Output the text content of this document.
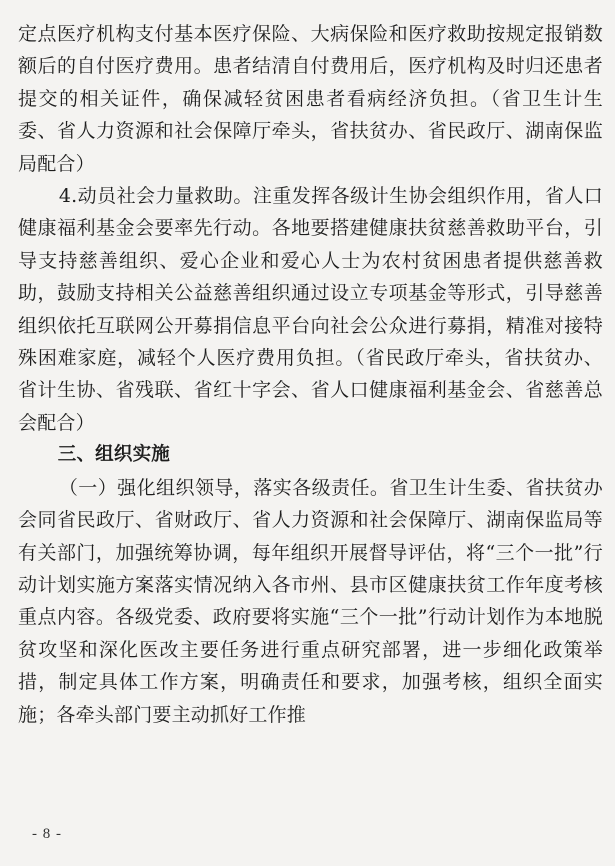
定点医疗机构支付基本医疗保险、大病保险和医疗救助按规定报销数额后的自付医疗费用。患者结清自付费用后，医疗机构及时归还患者提交的相关证件，确保减轻贫困患者看病经济负担。（省卫生计生委、省人力资源和社会保障厅牵头，省扶贫办、省民政厅、湖南保监局配合）

4.动员社会力量救助。注重发挥各级计生协会组织作用，省人口健康福利基金会要率先行动。各地要搭建健康扶贫慈善救助平台，引导支持慈善组织、爱心企业和爱心人士为农村贫困患者提供慈善救助，鼓励支持相关公益慈善组织通过设立专项基金等形式，引导慈善组织依托互联网公开募捐信息平台向社会公众进行募捐，精准对接特殊困难家庭，减轻个人医疗费用负担。（省民政厅牵头，省扶贫办、省计生协、省残联、省红十字会、省人口健康福利基金会、省慈善总会配合）

三、组织实施

（一）强化组织领导，落实各级责任。省卫生计生委、省扶贫办会同省民政厅、省财政厅、省人力资源和社会保障厅、湖南保监局等有关部门，加强统筹协调，每年组织开展督导评估，将“三个一批”行动计划实施方案落实情况纳入各市州、县市区健康扶贫工作年度考核重点内容。各级党委、政府要将实施“三个一批”行动计划作为本地脱贫攻坚和深化医改主要任务进行重点研究部署，进一步细化政策举措，制定具体工作方案，明确责任和要求，加强考核，组织全面实施；各牵头部门要主动抓好工作推

- 8 -
